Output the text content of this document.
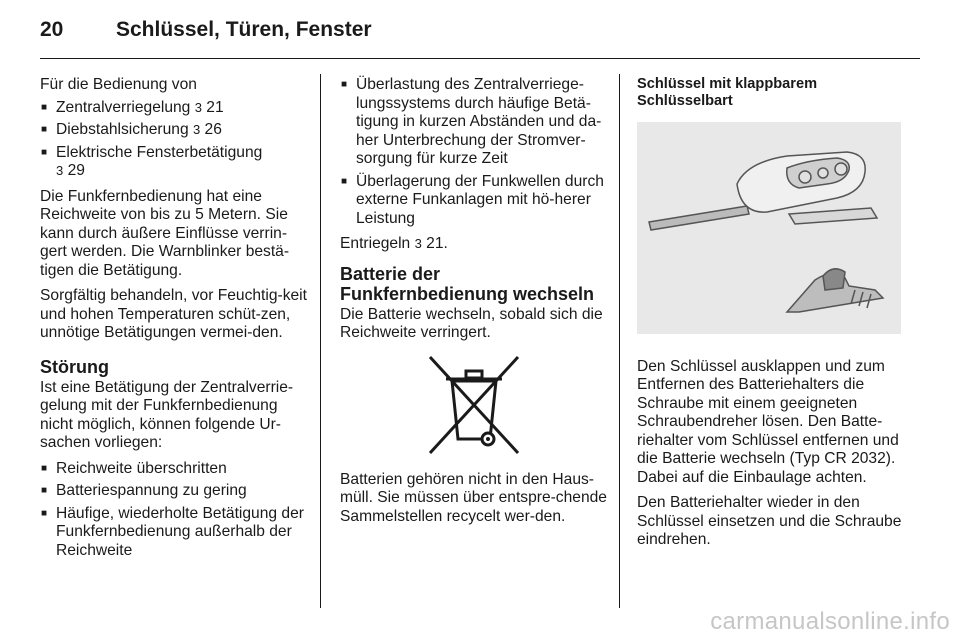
20	Schlüssel, Türen, Fenster

Für die Bedienung von

■ Zentralverriegelung 3 21
■ Diebstahlsicherung 3 26
■ Elektrische Fensterbetätigung
3 29

Die Funkfernbedienung hat eine Reichweite von bis zu 5 Metern. Sie kann durch äußere Einflüsse verrin-gert werden. Die Warnblinker bestä-tigen die Betätigung.

Sorgfältig behandeln, vor Feuchtig-keit und hohen Temperaturen schüt-zen, unnötige Betätigungen vermei-den.

Störung

Ist eine Betätigung der Zentralverrie-gelung mit der Funkfernbedienung nicht möglich, können folgende Ur-sachen vorliegen:

■ Reichweite überschritten
■ Batteriespannung zu gering
■ Häufige, wiederholte Betätigung der Funkfernbedienung außerhalb der Reichweite
■ Überlastung des Zentralverriege-lungssystems durch häufige Betä-tigung in kurzen Abständen und da-her Unterbrechung der Stromver-sorgung für kurze Zeit
■ Überlagerung der Funkwellen durch externe Funkanlagen mit hö-herer Leistung

Entriegeln 3 21.

Batterie der Funkfernbedienung wechseln

Die Batterie wechseln, sobald sich die Reichweite verringert.

Batterien gehören nicht in den Haus-müll. Sie müssen über entspre-chende Sammelstellen recycelt wer-den.

Schlüssel mit klappbarem Schlüsselbart

Den Schlüssel ausklappen und zum Entfernen des Batteriehalters die Schraube mit einem geeigneten Schraubendreher lösen. Den Batte-riehalter vom Schlüssel entfernen und die Batterie wechseln (Typ CR 2032). Dabei auf die Einbaulage achten.

Den Batteriehalter wieder in den Schlüssel einsetzen und die Schraube eindrehen.

carmanualsonline.info
